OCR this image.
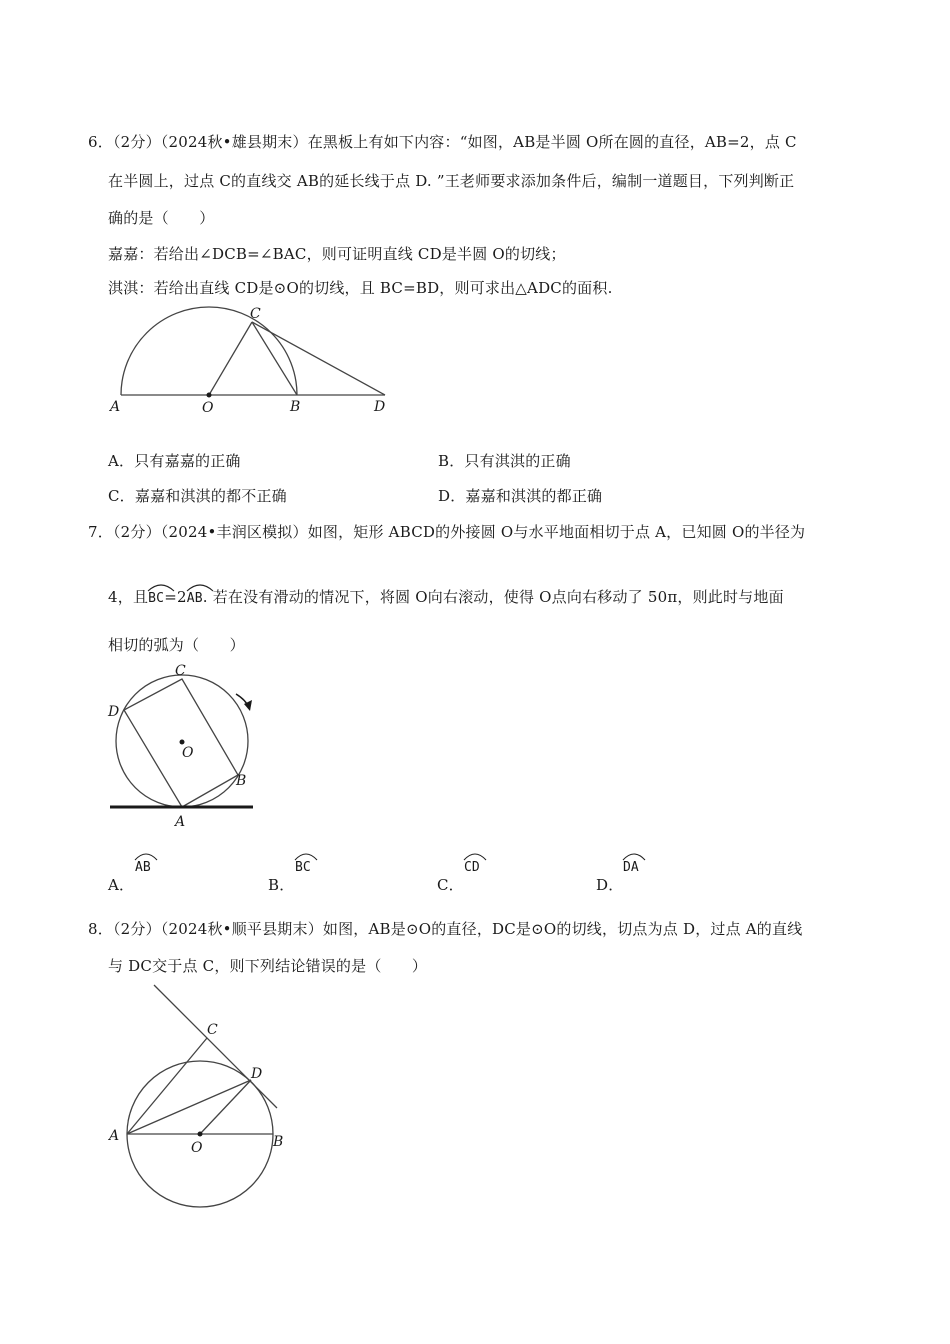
6．（2分）（2024秋•雄县期末）在黑板上有如下内容：“如图，AB是半圆 O所在圆的直径，AB=2，点 C
在半圆上，过点 C的直线交 AB的延长线于点 D. ”王老师要求添加条件后，编制一道题目，下列判断正
确的是（　　）
嘉嘉：若给出∠DCB=∠BAC，则可证明直线 CD是半圆 O的切线；
淇淇：若给出直线 CD是⊙O的切线，且 BC=BD，则可求出△ADC的面积.
A	O	B
C
D
A．只有嘉嘉的正确	B．只有淇淇的正确
C．嘉嘉和淇淇的都不正确	D．嘉嘉和淇淇的都正确
7．（2分）（2024•丰润区模拟）如图，矩形 ABCD的外接圆 O与水平地面相切于点 A，已知圆 O的半径为
4，且
BC=2
AB. 若在没有滑动的情况下，将圆 O向右滚动，使得 O点向右移动了 50π，则此时与地面
相切的弧为（　　）
A
B
C
D
O
A．
AB
B．
BC
C．
CD
D．
DA
8．（2分）（2024秋•顺平县期末）如图，AB是⊙O的直径，DC是⊙O的切线，切点为点 D，过点 A的直线
与 DC交于点 C，则下列结论错误的是（　　）
A
O	B
C
D
